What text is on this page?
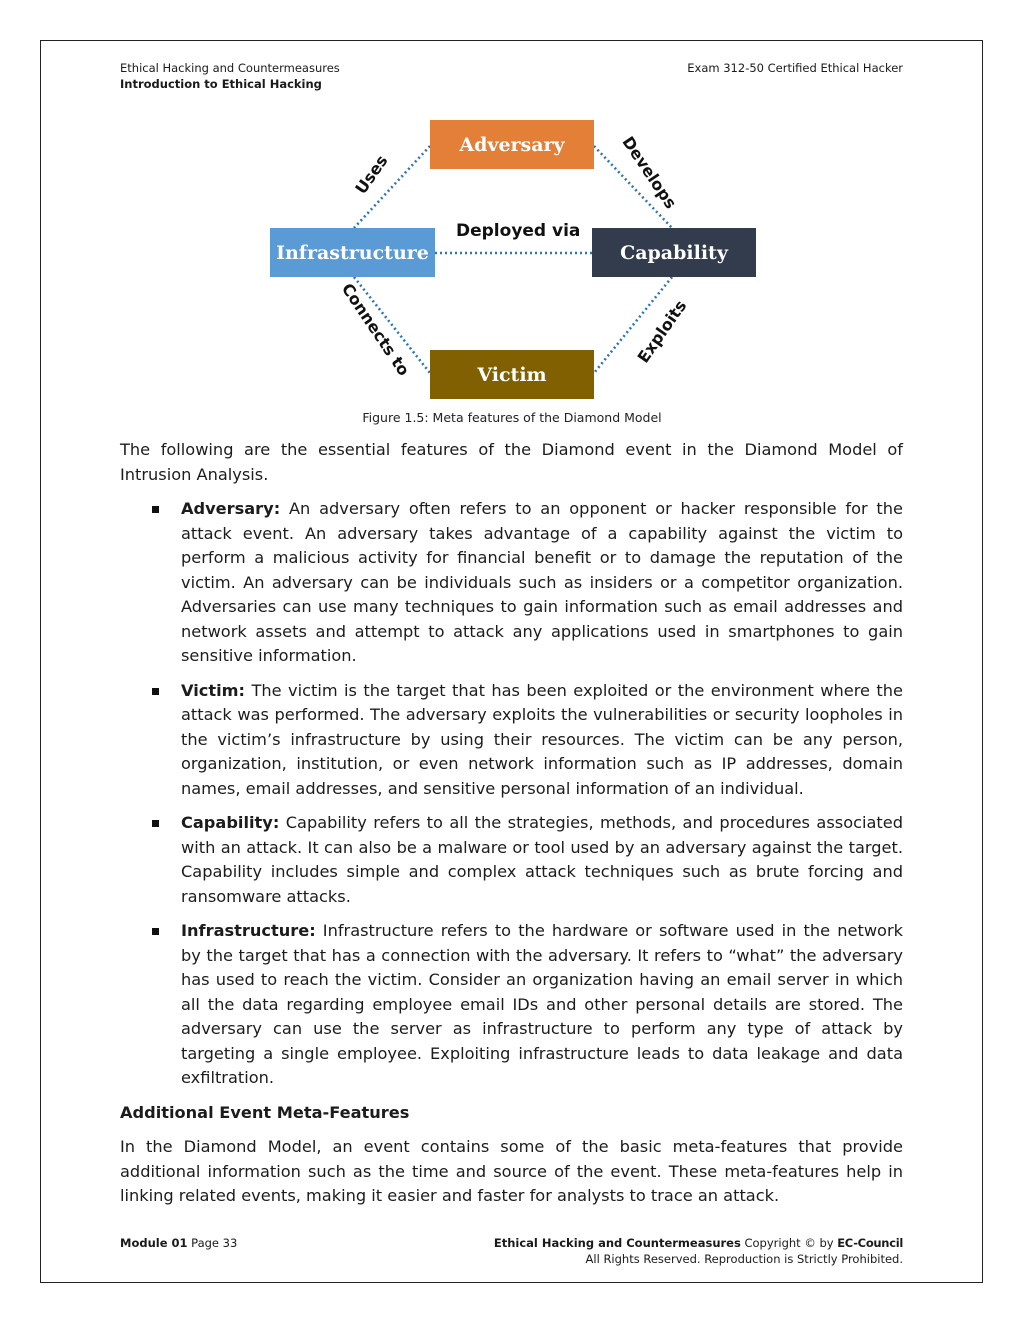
Ethical Hacking and Countermeasures
Introduction to Ethical Hacking
Exam 312-50 Certified Ethical Hacker
Adversary
Infrastructure	Capability
Victim
Uses	Develops
Deployed via
Connects to	Exploits
Figure 1.5: Meta features of the Diamond Model

The following are the essential features of the Diamond event in the Diamond Model of Intrusion Analysis.

Adversary: An adversary often refers to an opponent or hacker responsible for the attack event. An adversary takes advantage of a capability against the victim to perform a malicious activity for financial benefit or to damage the reputation of the victim. An adversary can be individuals such as insiders or a competitor organization. Adversaries can use many techniques to gain information such as email addresses and network assets and attempt to attack any applications used in smartphones to gain sensitive information.
Victim: The victim is the target that has been exploited or the environment where the attack was performed. The adversary exploits the vulnerabilities or security loopholes in the victim’s infrastructure by using their resources. The victim can be any person, organization, institution, or even network information such as IP addresses, domain names, email addresses, and sensitive personal information of an individual.
Capability: Capability refers to all the strategies, methods, and procedures associated with an attack. It can also be a malware or tool used by an adversary against the target. Capability includes simple and complex attack techniques such as brute forcing and ransomware attacks.
Infrastructure: Infrastructure refers to the hardware or software used in the network by the target that has a connection with the adversary. It refers to “what” the adversary has used to reach the victim. Consider an organization having an email server in which all the data regarding employee email IDs and other personal details are stored. The adversary can use the server as infrastructure to perform any type of attack by targeting a single employee. Exploiting infrastructure leads to data leakage and data exfiltration.
Additional Event Meta-Features

In the Diamond Model, an event contains some of the basic meta-features that provide additional information such as the time and source of the event. These meta-features help in linking related events, making it easier and faster for analysts to trace an attack.

Module 01 Page 33	Ethical Hacking and Countermeasures Copyright © by EC-Council
All Rights Reserved. Reproduction is Strictly Prohibited.
